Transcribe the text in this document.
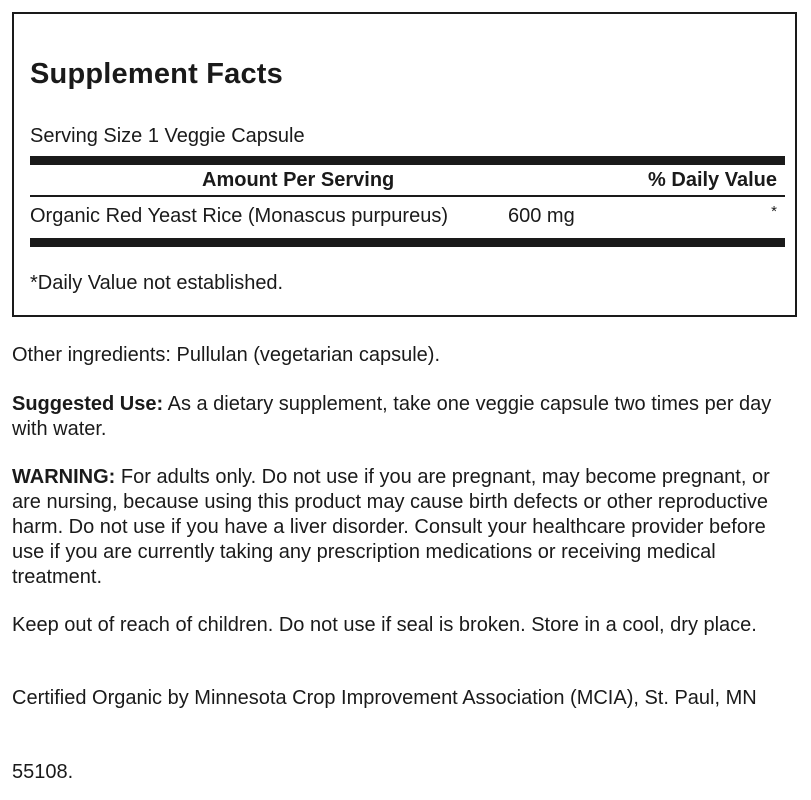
Supplement Facts
Serving Size 1 Veggie Capsule
Amount Per Serving	% Daily Value
Organic Red Yeast Rice (Monascus purpureus)	600 mg	*
*Daily Value not established.

Other ingredients: Pullulan (vegetarian capsule).

Suggested Use: As a dietary supplement, take one veggie capsule two times per day with water.

WARNING: For adults only. Do not use if you are pregnant, may become pregnant, or are nursing, because using this product may cause birth defects or other reproductive harm. Do not use if you have a liver disorder. Consult your healthcare provider before use if you are currently taking any prescription medications or receiving medical treatment.

Keep out of reach of children. Do not use if seal is broken. Store in a cool, dry place.

Certified Organic by Minnesota Crop Improvement Association (MCIA), St. Paul, MN

55108.
